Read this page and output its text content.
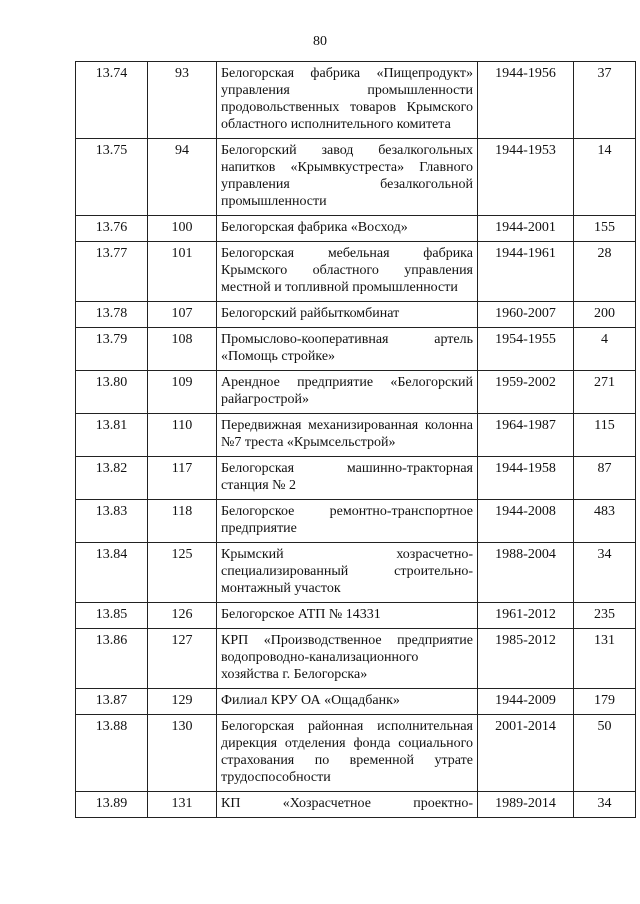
80
13.74	93	Белогорская фабрика «Пищепродукт» управления промышленности продовольственных товаров Крымского областного исполнительного комитета	1944-1956	37
13.75	94	Белогорский завод безалкогольных напитков «Крымвкустреста» Главного управления безалкогольной промышленности	1944-1953	14
13.76	100	Белогорская фабрика «Восход»	1944-2001	155
13.77	101	Белогорская мебельная фабрика Крымского областного управления местной и топливной промышленности	1944-1961	28
13.78	107	Белогорский райбыткомбинат	1960-2007	200
13.79	108	Промыслово-кооперативная артель «Помощь стройке»	1954-1955	4
13.80	109	Арендное предприятие «Белогорский райагрострой»	1959-2002	271
13.81	110	Передвижная механизированная колонна №7 треста «Крымсельстрой»	1964-1987	115
13.82	117	Белогорская машинно-тракторная станция № 2	1944-1958	87
13.83	118	Белогорское ремонтно-транспортное предприятие	1944-2008	483
13.84	125	Крымский хозрасчетно-специализированный строительно-монтажный участок	1988-2004	34
13.85	126	Белогорское АТП № 14331	1961-2012	235
13.86	127	КРП «Производственное предприятие водопроводно-канализационного хозяйства г. Белогорска»	1985-2012	131
13.87	129	Филиал КРУ ОА «Ощадбанк»	1944-2009	179
13.88	130	Белогорская районная исполнительная дирекция отделения фонда социального страхования по временной утрате трудоспособности	2001-2014	50
13.89	131	КП «Хозрасчетное проектно-	1989-2014	34
